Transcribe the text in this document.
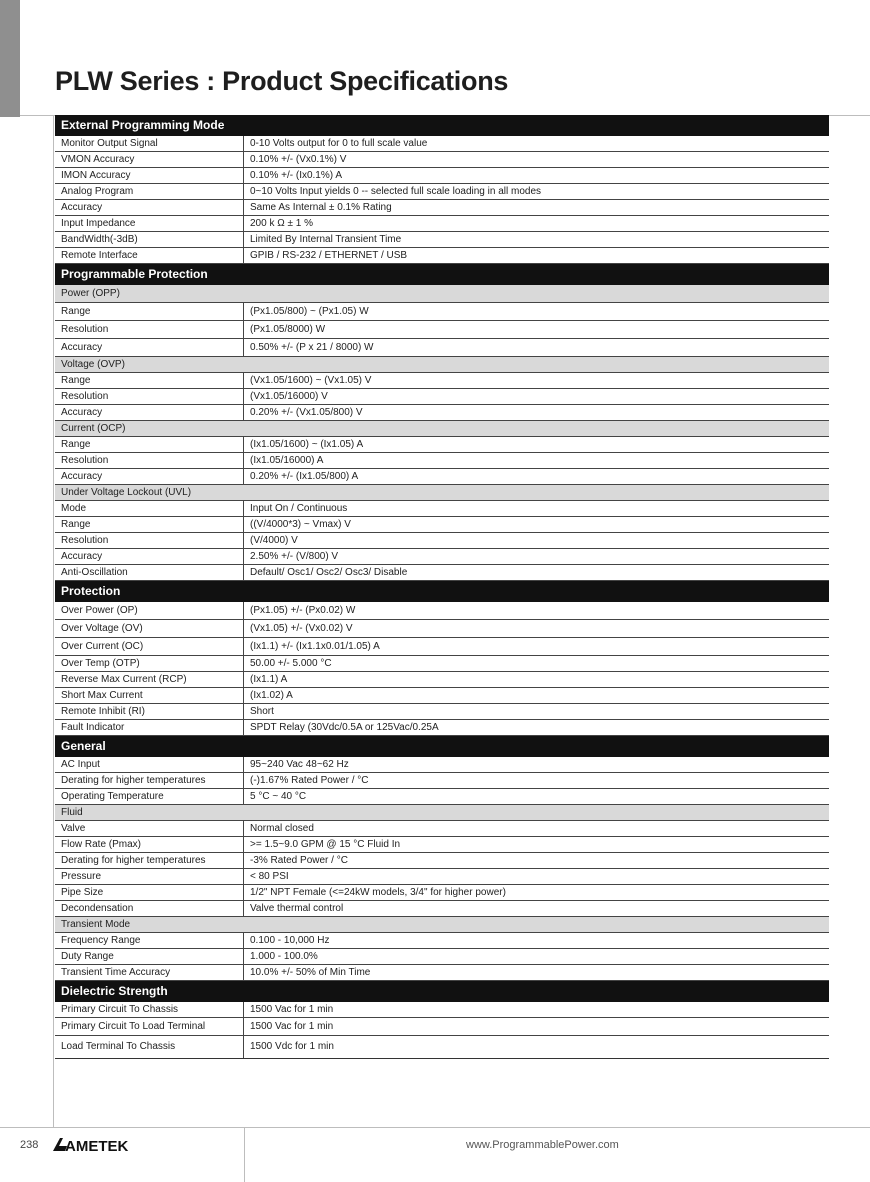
PLW Series : Product Specifications
External Programming Mode
Monitor Output Signal	0-10 Volts output for 0 to full scale value
VMON Accuracy	0.10% +/- (Vx0.1%) V
IMON Accuracy	0.10% +/- (Ix0.1%) A
Analog Program	0~10 Volts Input yields 0 -- selected full scale loading in all modes
Accuracy	Same As Internal ± 0.1% Rating
Input Impedance	200 k Ω ± 1 %
BandWidth(-3dB)	Limited By Internal Transient Time
Remote Interface	GPIB / RS-232 / ETHERNET / USB
Programmable Protection
Power (OPP)
Range	(Px1.05/800) ~ (Px1.05) W
Resolution	(Px1.05/8000) W
Accuracy	0.50% +/- (P x 21 / 8000) W
Voltage (OVP)
Range	(Vx1.05/1600) ~ (Vx1.05) V
Resolution	(Vx1.05/16000) V
Accuracy	0.20% +/- (Vx1.05/800) V
Current (OCP)
Range	(Ix1.05/1600) ~ (Ix1.05) A
Resolution	(Ix1.05/16000) A
Accuracy	0.20% +/- (Ix1.05/800) A
Under Voltage Lockout (UVL)
Mode	Input On / Continuous
Range	((V/4000*3) ~ Vmax) V
Resolution	(V/4000) V
Accuracy	2.50% +/- (V/800) V
Anti-Oscillation	Default/ Osc1/ Osc2/ Osc3/ Disable
Protection
Over Power (OP)	(Px1.05) +/- (Px0.02) W
Over Voltage (OV)	(Vx1.05) +/- (Vx0.02) V
Over Current (OC)	(Ix1.1) +/- (Ix1.1x0.01/1.05) A
Over Temp (OTP)	50.00 +/- 5.000 °C
Reverse Max Current (RCP)	(Ix1.1) A
Short Max Current	(Ix1.02) A
Remote Inhibit (RI)	Short
Fault Indicator	SPDT Relay (30Vdc/0.5A or 125Vac/0.25A
General
AC Input	95~240 Vac 48~62 Hz
Derating for higher temperatures	(-)1.67% Rated Power / °C
Operating Temperature	5 °C ~ 40 °C
Fluid
Valve	Normal closed
Flow Rate (Pmax)	>= 1.5~9.0 GPM @ 15 °C Fluid In
Derating for higher temperatures	-3% Rated Power / °C
Pressure	< 80 PSI
Pipe Size	1/2" NPT Female (<=24kW models, 3/4" for higher power)
Decondensation	Valve thermal control
Transient Mode
Frequency Range	0.100 - 10,000 Hz
Duty Range	1.000 - 100.0%
Transient Time Accuracy	10.0% +/- 50% of Min Time
Dielectric Strength
Primary Circuit To Chassis	1500 Vac for 1 min
Primary Circuit To Load Terminal	1500 Vac for 1 min
Load Terminal To Chassis	1500 Vdc for 1 min
238 AMETEK	www.ProgrammablePower.com
